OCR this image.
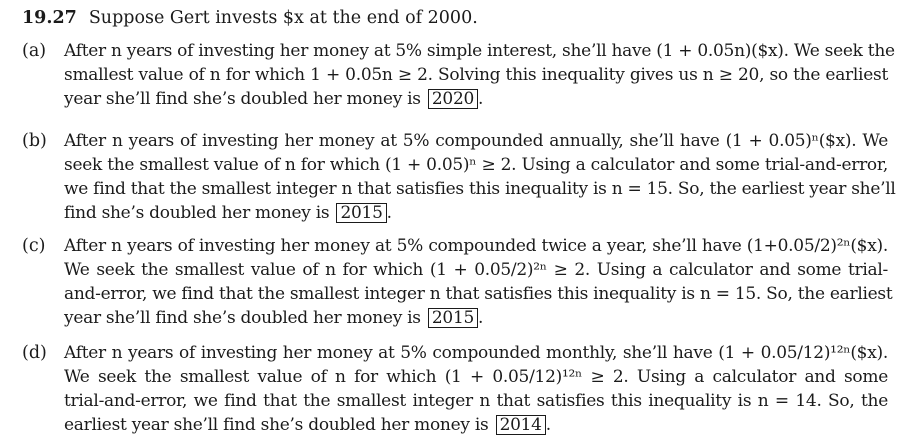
19.27 Suppose Gert invests $x at the end of 2000.
(a) After n years of investing her money at 5% simple interest, she’ll have (1 + 0.05n)($x). We seek the
smallest value of n for which 1 + 0.05n ≥ 2. Solving this inequality gives us n ≥ 20, so the earliest
year she’ll find she’s doubled her money is 2020 .
(b) After n years of investing her money at 5% compounded annually, she’ll have (1 + 0.05)ⁿ($x). We
seek the smallest value of n for which (1 + 0.05)ⁿ ≥ 2. Using a calculator and some trial-and-error,
we find that the smallest integer n that satisfies this inequality is n = 15. So, the earliest year she’ll
find she’s doubled her money is 2015 .
(c) After n years of investing her money at 5% compounded twice a year, she’ll have (1+0.05/2)²ⁿ($x).
We seek the smallest value of n for which (1 + 0.05/2)²ⁿ ≥ 2. Using a calculator and some trial-
and-error, we find that the smallest integer n that satisfies this inequality is n = 15. So, the earliest
year she’ll find she’s doubled her money is 2015 .
(d) After n years of investing her money at 5% compounded monthly, she’ll have (1 + 0.05/12)¹²ⁿ($x).
We seek the smallest value of n for which (1 + 0.05/12)¹²ⁿ ≥ 2. Using a calculator and some
trial-and-error, we find that the smallest integer n that satisfies this inequality is n = 14. So, the
earliest year she’ll find she’s doubled her money is 2014 .
